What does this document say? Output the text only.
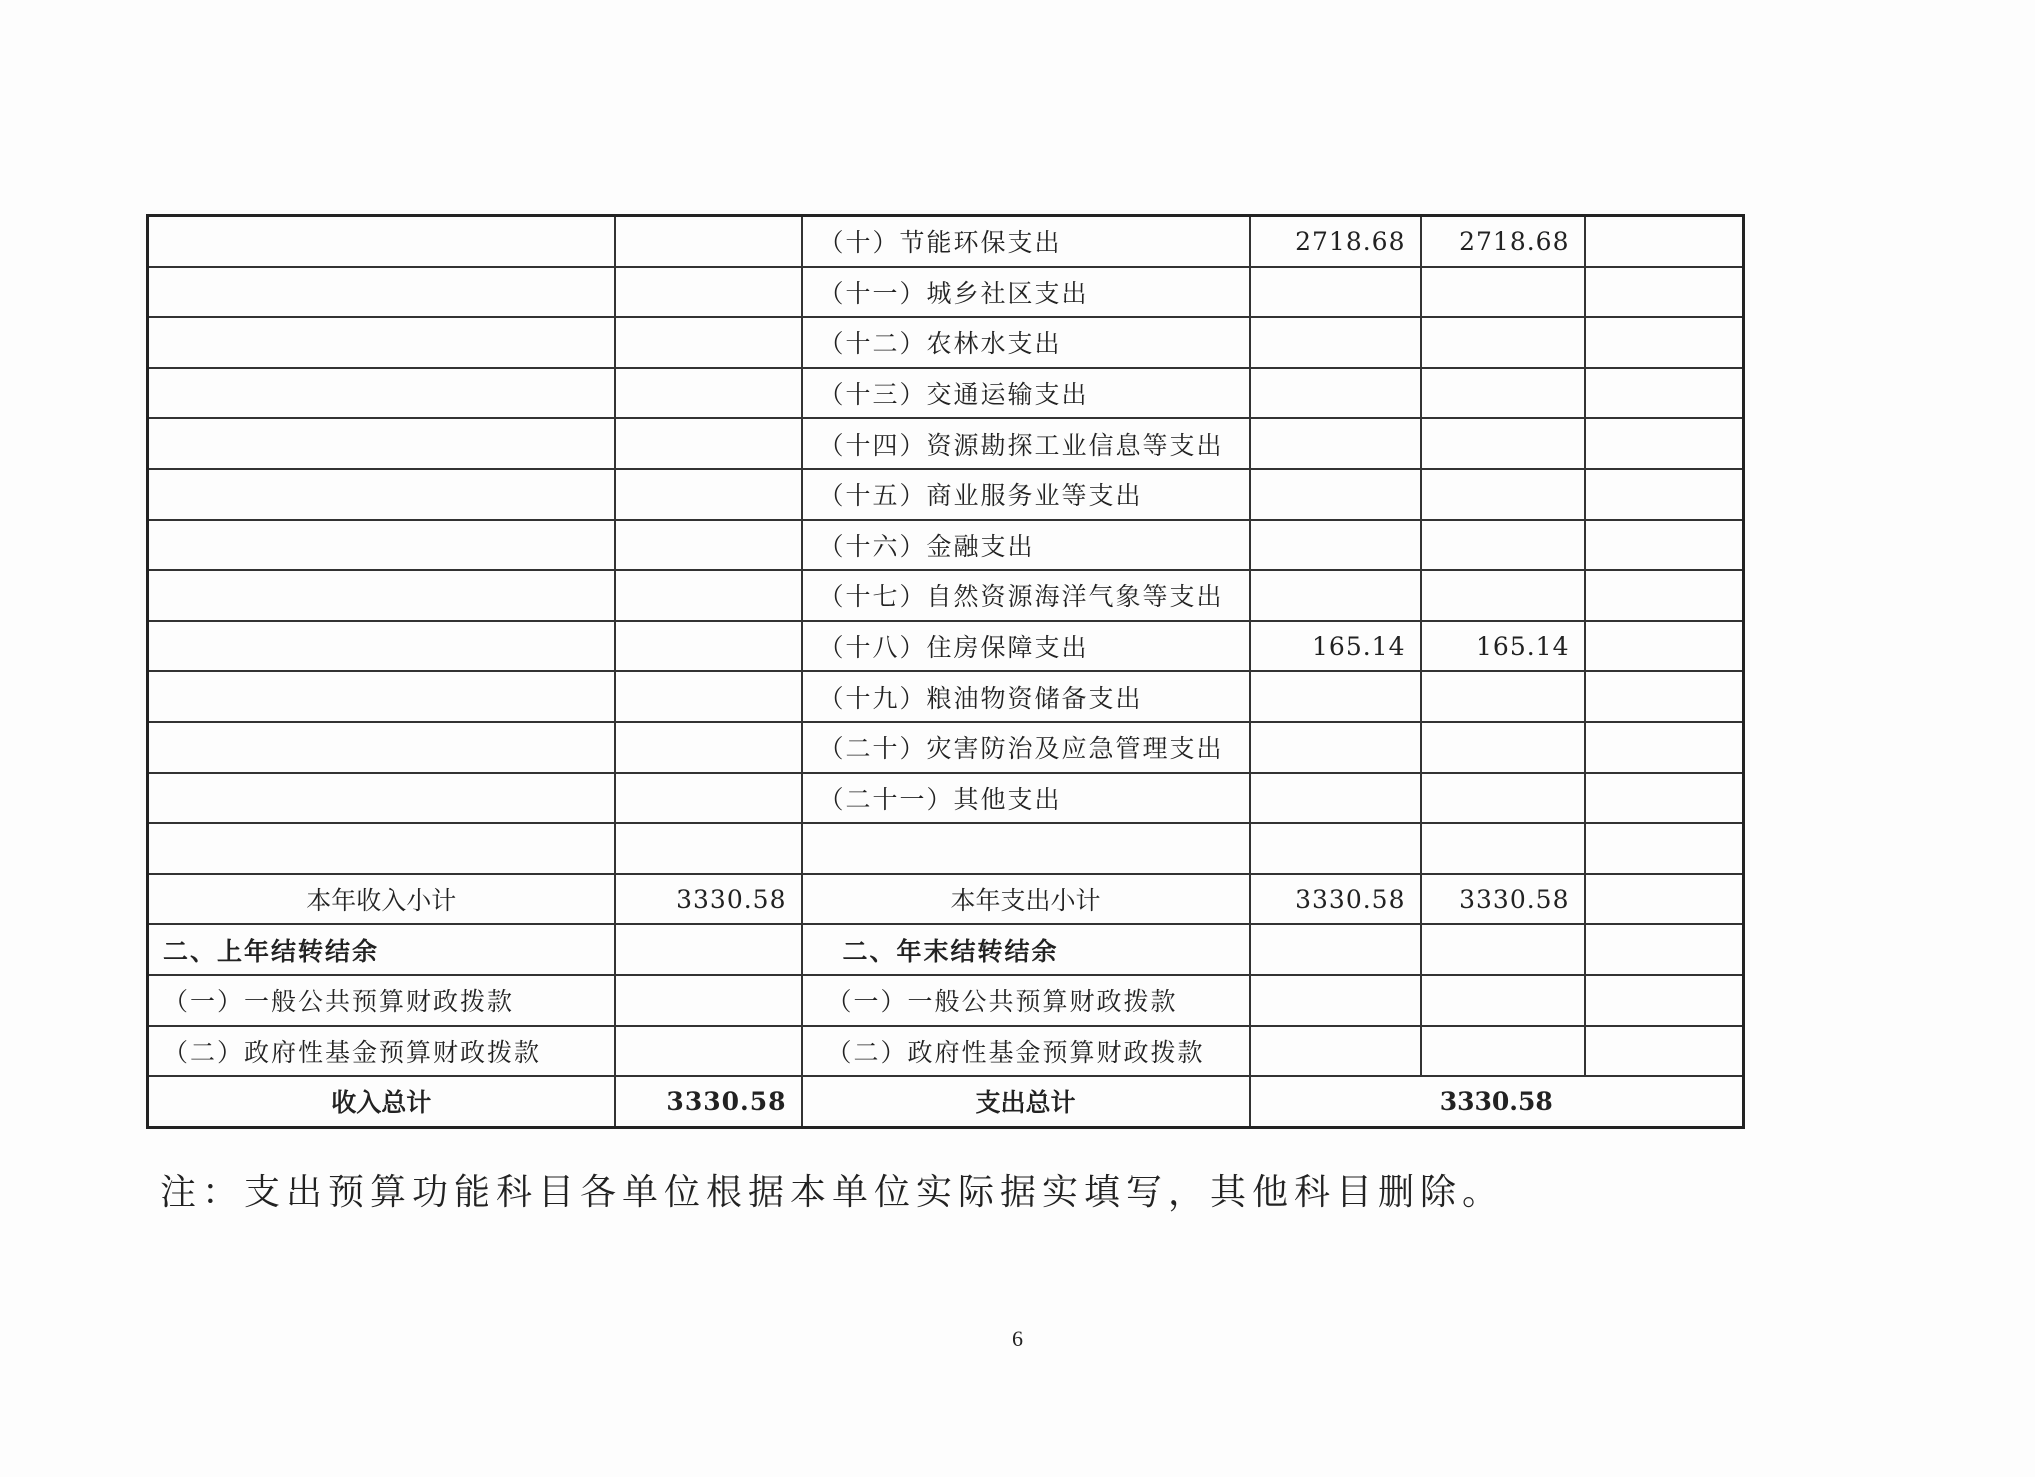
		（十）节能环保支出	2718.68	2718.68	
		（十一）城乡社区支出			
		（十二）农林水支出			
		（十三）交通运输支出			
		（十四）资源勘探工业信息等支出			
		（十五）商业服务业等支出			
		（十六）金融支出			
		（十七）自然资源海洋气象等支出			
		（十八）住房保障支出	165.14	165.14	
		（十九）粮油物资储备支出			
		（二十）灾害防治及应急管理支出			
		（二十一）其他支出			

本年收入小计	3330.58	本年支出小计	3330.58	3330.58	
二、上年结转结余		二、年末结转结余			
（一）一般公共预算财政拨款		（一）一般公共预算财政拨款			
（二）政府性基金预算财政拨款		（二）政府性基金预算财政拨款			
收入总计	3330.58	支出总计	3330.58		
注：支出预算功能科目各单位根据本单位实际据实填写，其他科目删除。
6
